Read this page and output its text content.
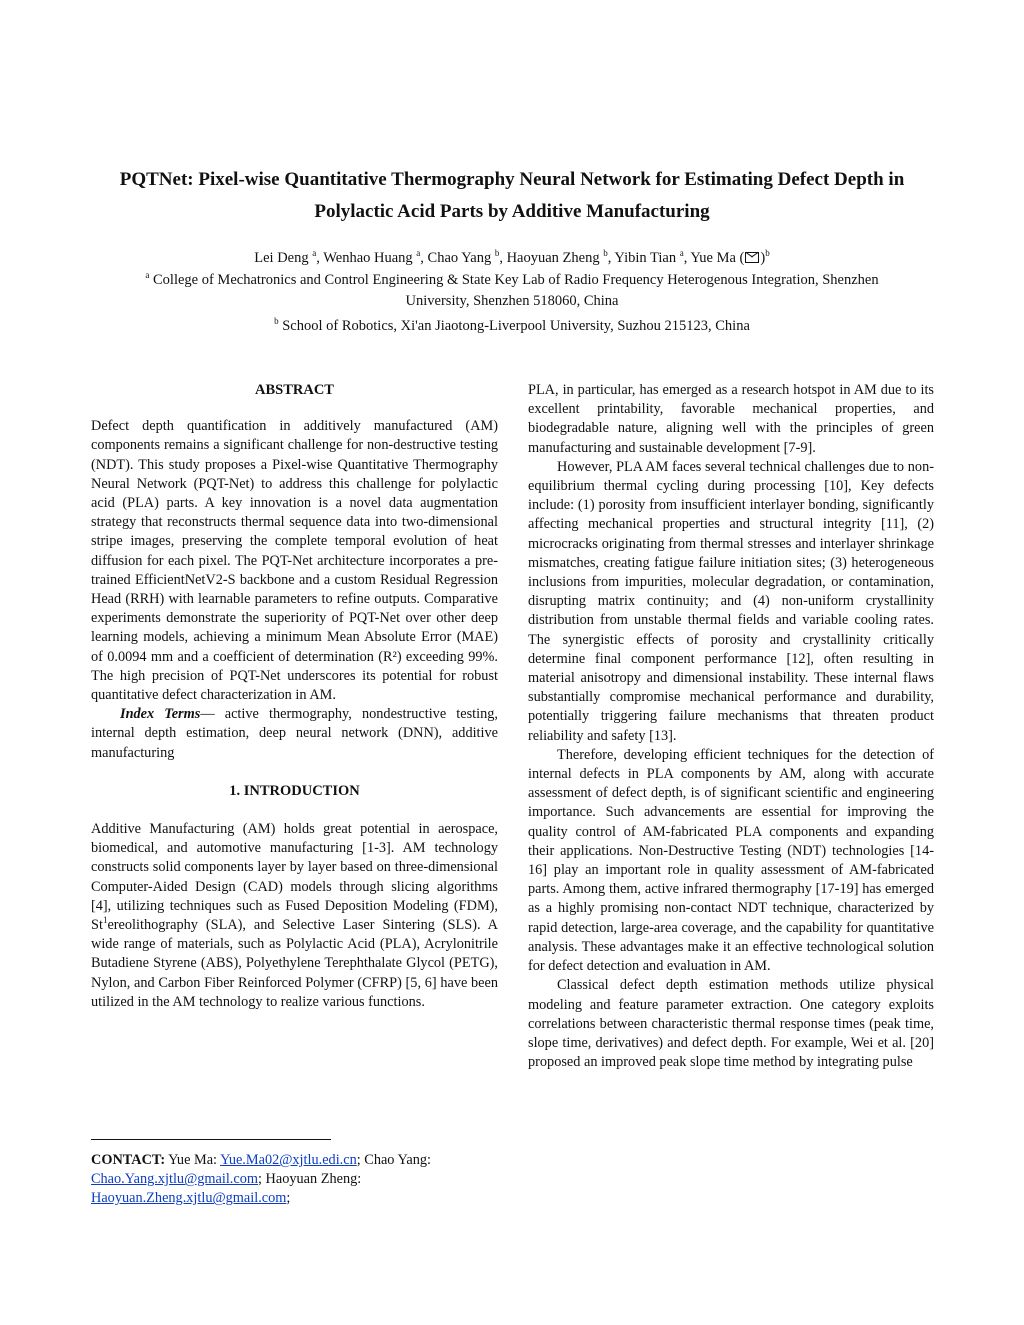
PQTNet: Pixel-wise Quantitative Thermography Neural Network for Estimating Defect Depth in
Polylactic Acid Parts by Additive Manufacturing
Lei Deng $^a$, Wenhao Huang $^a$, Chao Yang $^b$, Haoyuan Zheng $^b$, Yibin Tian $^a$, Yue Ma ( )$^b$
$^a$ College of Mechatronics and Control Engineering & State Key Lab of Radio Frequency Heterogenous Integration, Shenzhen
University, Shenzhen 518060, China
$^b$ School of Robotics, Xi'an Jiaotong-Liverpool University, Suzhou 215123, China

ABSTRACT

Defect depth quantification in additively manufactured (AM) components remains a significant challenge for non-destructive testing (NDT). This study proposes a Pixel-wise Quantitative Thermography Neural Network (PQT-Net) to address this challenge for polylactic acid (PLA) parts. A key innovation is a novel data augmentation strategy that reconstructs thermal sequence data into two-dimensional stripe images, preserving the complete temporal evolution of heat diffusion for each pixel. The PQT-Net architecture incorporates a pre-trained EfficientNetV2-S backbone and a custom Residual Regression Head (RRH) with learnable parameters to refine outputs. Comparative experiments demonstrate the superiority of PQT-Net over other deep learning models, achieving a minimum Mean Absolute Error (MAE) of 0.0094 mm and a coefficient of determination (R²) exceeding 99%. The high precision of PQT-Net underscores its potential for robust quantitative defect characterization in AM.

Index Terms— active thermography, nondestructive testing, internal depth estimation, deep neural network (DNN), additive manufacturing

1. INTRODUCTION

Additive Manufacturing (AM) holds great potential in aerospace, biomedical, and automotive manufacturing [1-3]. AM technology constructs solid components layer by layer based on three-dimensional Computer-Aided Design (CAD) models through slicing algorithms [4], utilizing techniques such as Fused Deposition Modeling (FDM), St$^1$ereolithography (SLA), and Selective Laser Sintering (SLS). A wide range of materials, such as Polylactic Acid (PLA), Acrylonitrile Butadiene Styrene (ABS), Polyethylene Terephthalate Glycol (PETG), Nylon, and Carbon Fiber Reinforced Polymer (CFRP) [5, 6] have been utilized in the AM technology to realize various functions.

CONTACT: Yue Ma: Yue.Ma02@xjtlu.edi.cn; Chao Yang: Chao.Yang.xjtlu@gmail.com; Haoyuan Zheng: Haoyuan.Zheng.xjtlu@gmail.com;

PLA, in particular, has emerged as a research hotspot in AM due to its excellent printability, favorable mechanical properties, and biodegradable nature, aligning well with the principles of green manufacturing and sustainable development [7-9].

However, PLA AM faces several technical challenges due to non-equilibrium thermal cycling during processing [10], Key defects include: (1) porosity from insufficient interlayer bonding, significantly affecting mechanical properties and structural integrity [11], (2) microcracks originating from thermal stresses and interlayer shrinkage mismatches, creating fatigue failure initiation sites; (3) heterogeneous inclusions from impurities, molecular degradation, or contamination, disrupting matrix continuity; and (4) non-uniform crystallinity distribution from unstable thermal fields and variable cooling rates. The synergistic effects of porosity and crystallinity critically determine final component performance [12], often resulting in material anisotropy and dimensional instability. These internal flaws substantially compromise mechanical performance and durability, potentially triggering failure mechanisms that threaten product reliability and safety [13].

Therefore, developing efficient techniques for the detection of internal defects in PLA components by AM, along with accurate assessment of defect depth, is of significant scientific and engineering importance. Such advancements are essential for improving the quality control of AM-fabricated PLA components and expanding their applications. Non-Destructive Testing (NDT) technologies [14-16] play an important role in quality assessment of AM-fabricated parts. Among them, active infrared thermography [17-19] has emerged as a highly promising non-contact NDT technique, characterized by rapid detection, large-area coverage, and the capability for quantitative analysis. These advantages make it an effective technological solution for defect detection and evaluation in AM.

Classical defect depth estimation methods utilize physical modeling and feature parameter extraction. One category exploits correlations between characteristic thermal response times (peak time, slope time, derivatives) and defect depth. For example, Wei et al. [20] proposed an improved peak slope time method by integrating pulse
